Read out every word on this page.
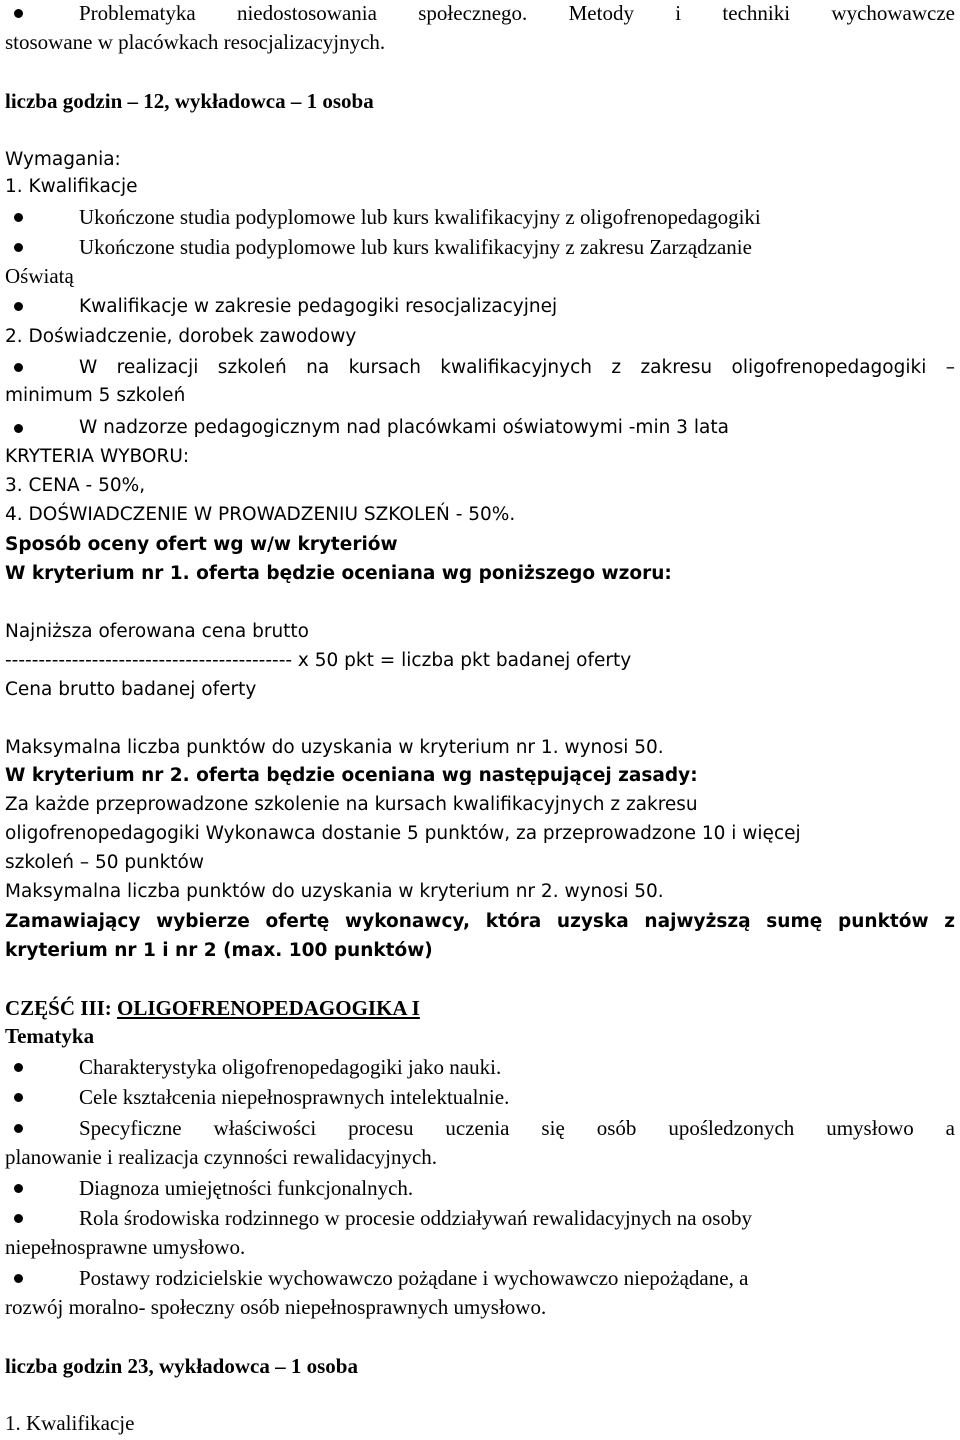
Problematyka niedostosowania społecznego. Metody i techniki wychowawcze
stosowane w placówkach resocjalizacyjnych.
liczba godzin – 12, wykładowca – 1 osoba
Wymagania:
1. Kwalifikacje
Ukończone studia podyplomowe lub kurs kwalifikacyjny z oligofrenopedagogiki
Ukończone studia podyplomowe lub kurs kwalifikacyjny z zakresu Zarządzanie
Oświatą
Kwalifikacje w zakresie pedagogiki resocjalizacyjnej
2. Doświadczenie, dorobek zawodowy
W realizacji szkoleń na kursach kwalifikacyjnych z zakresu oligofrenopedagogiki –
minimum 5 szkoleń
W nadzorze pedagogicznym nad placówkami oświatowymi -min 3 lata
KRYTERIA WYBORU:
3. CENA - 50%,
4. DOŚWIADCZENIE W PROWADZENIU SZKOLEŃ - 50%.
Sposób oceny ofert wg w/w kryteriów
W kryterium nr 1. oferta będzie oceniana wg poniższego wzoru:
Najniższa oferowana cena brutto
------------------------------------------- x 50 pkt = liczba pkt badanej oferty
Cena brutto badanej oferty
Maksymalna liczba punktów do uzyskania w kryterium nr 1. wynosi 50.
W kryterium nr 2. oferta będzie oceniana wg następującej zasady:
Za każde przeprowadzone szkolenie na kursach kwalifikacyjnych z zakresu
oligofrenopedagogiki Wykonawca dostanie 5 punktów, za przeprowadzone 10 i więcej
szkoleń – 50 punktów
Maksymalna liczba punktów do uzyskania w kryterium nr 2. wynosi 50.
Zamawiający wybierze ofertę wykonawcy, która uzyska najwyższą sumę punktów z
kryterium nr 1 i nr 2 (max. 100 punktów)
CZĘŚĆ III: OLIGOFRENOPEDAGOGIKA I
Tematyka
Charakterystyka oligofrenopedagogiki jako nauki.
Cele kształcenia niepełnosprawnych intelektualnie.
Specyficzne właściwości procesu uczenia się osób upośledzonych umysłowo a
planowanie i realizacja czynności rewalidacyjnych.
Diagnoza umiejętności funkcjonalnych.
Rola środowiska rodzinnego w procesie oddziaływań rewalidacyjnych na osoby
niepełnosprawne umysłowo.
Postawy rodzicielskie wychowawczo pożądane i wychowawczo niepożądane, a
rozwój moralno- społeczny osób niepełnosprawnych umysłowo.
liczba godzin 23, wykładowca – 1 osoba
1. Kwalifikacje
